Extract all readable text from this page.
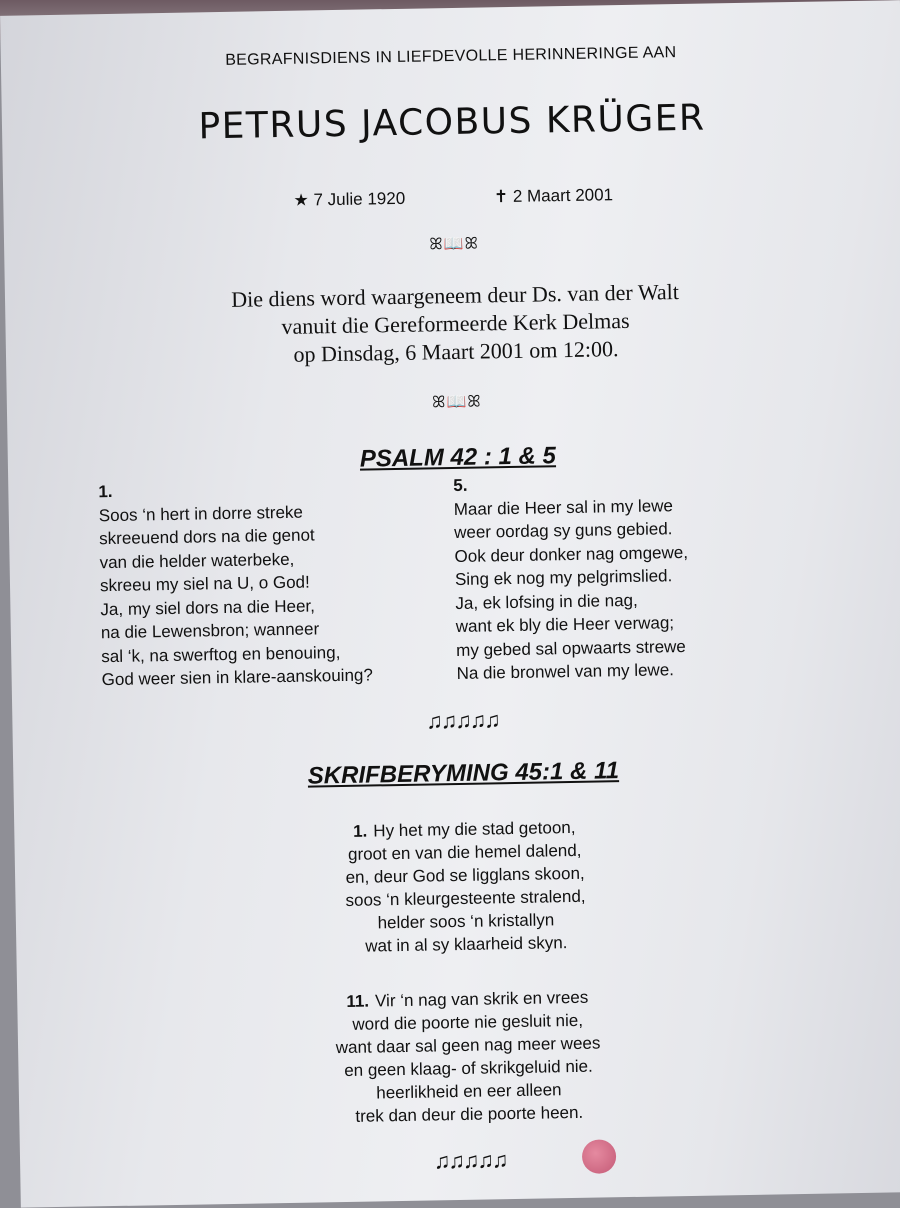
BEGRAFNISDIENS IN LIEFDEVOLLE HERINNERINGE AAN
PETRUS JACOBUS KRÜGER
★ 7 Julie 1920	✝ 2 Maart 2001
ꕤ📖ꕤ
Die diens word waargeneem deur Ds. van der Walt
vanuit die Gereformeerde Kerk Delmas
op Dinsdag, 6 Maart 2001 om 12:00.
ꕤ📖ꕤ
PSALM 42 : 1 & 5
1.
Soos ‘n hert in dorre streke
skreeuend dors na die genot
van die helder waterbeke,
skreeu my siel na U, o God!
Ja, my siel dors na die Heer,
na die Lewensbron; wanneer
sal ‘k, na swerftog en benouing,
God weer sien in klare-aanskouing?
5.
Maar die Heer sal in my lewe
weer oordag sy guns gebied.
Ook deur donker nag omgewe,
Sing ek nog my pelgrimslied.
Ja, ek lofsing in die nag,
want ek bly die Heer verwag;
my gebed sal opwaarts strewe
Na die bronwel van my lewe.
♫♫♫♫♫
SKRIFBERYMING 45:1 & 11
1. Hy het my die stad getoon,
groot en van die hemel dalend,
en, deur God se ligglans skoon,
soos ‘n kleurgesteente stralend,
helder soos ‘n kristallyn
wat in al sy klaarheid skyn.
11. Vir ‘n nag van skrik en vrees
word die poorte nie gesluit nie,
want daar sal geen nag meer wees
en geen klaag- of skrikgeluid nie.
heerlikheid en eer alleen
trek dan deur die poorte heen.
♫♫♫♫♫
